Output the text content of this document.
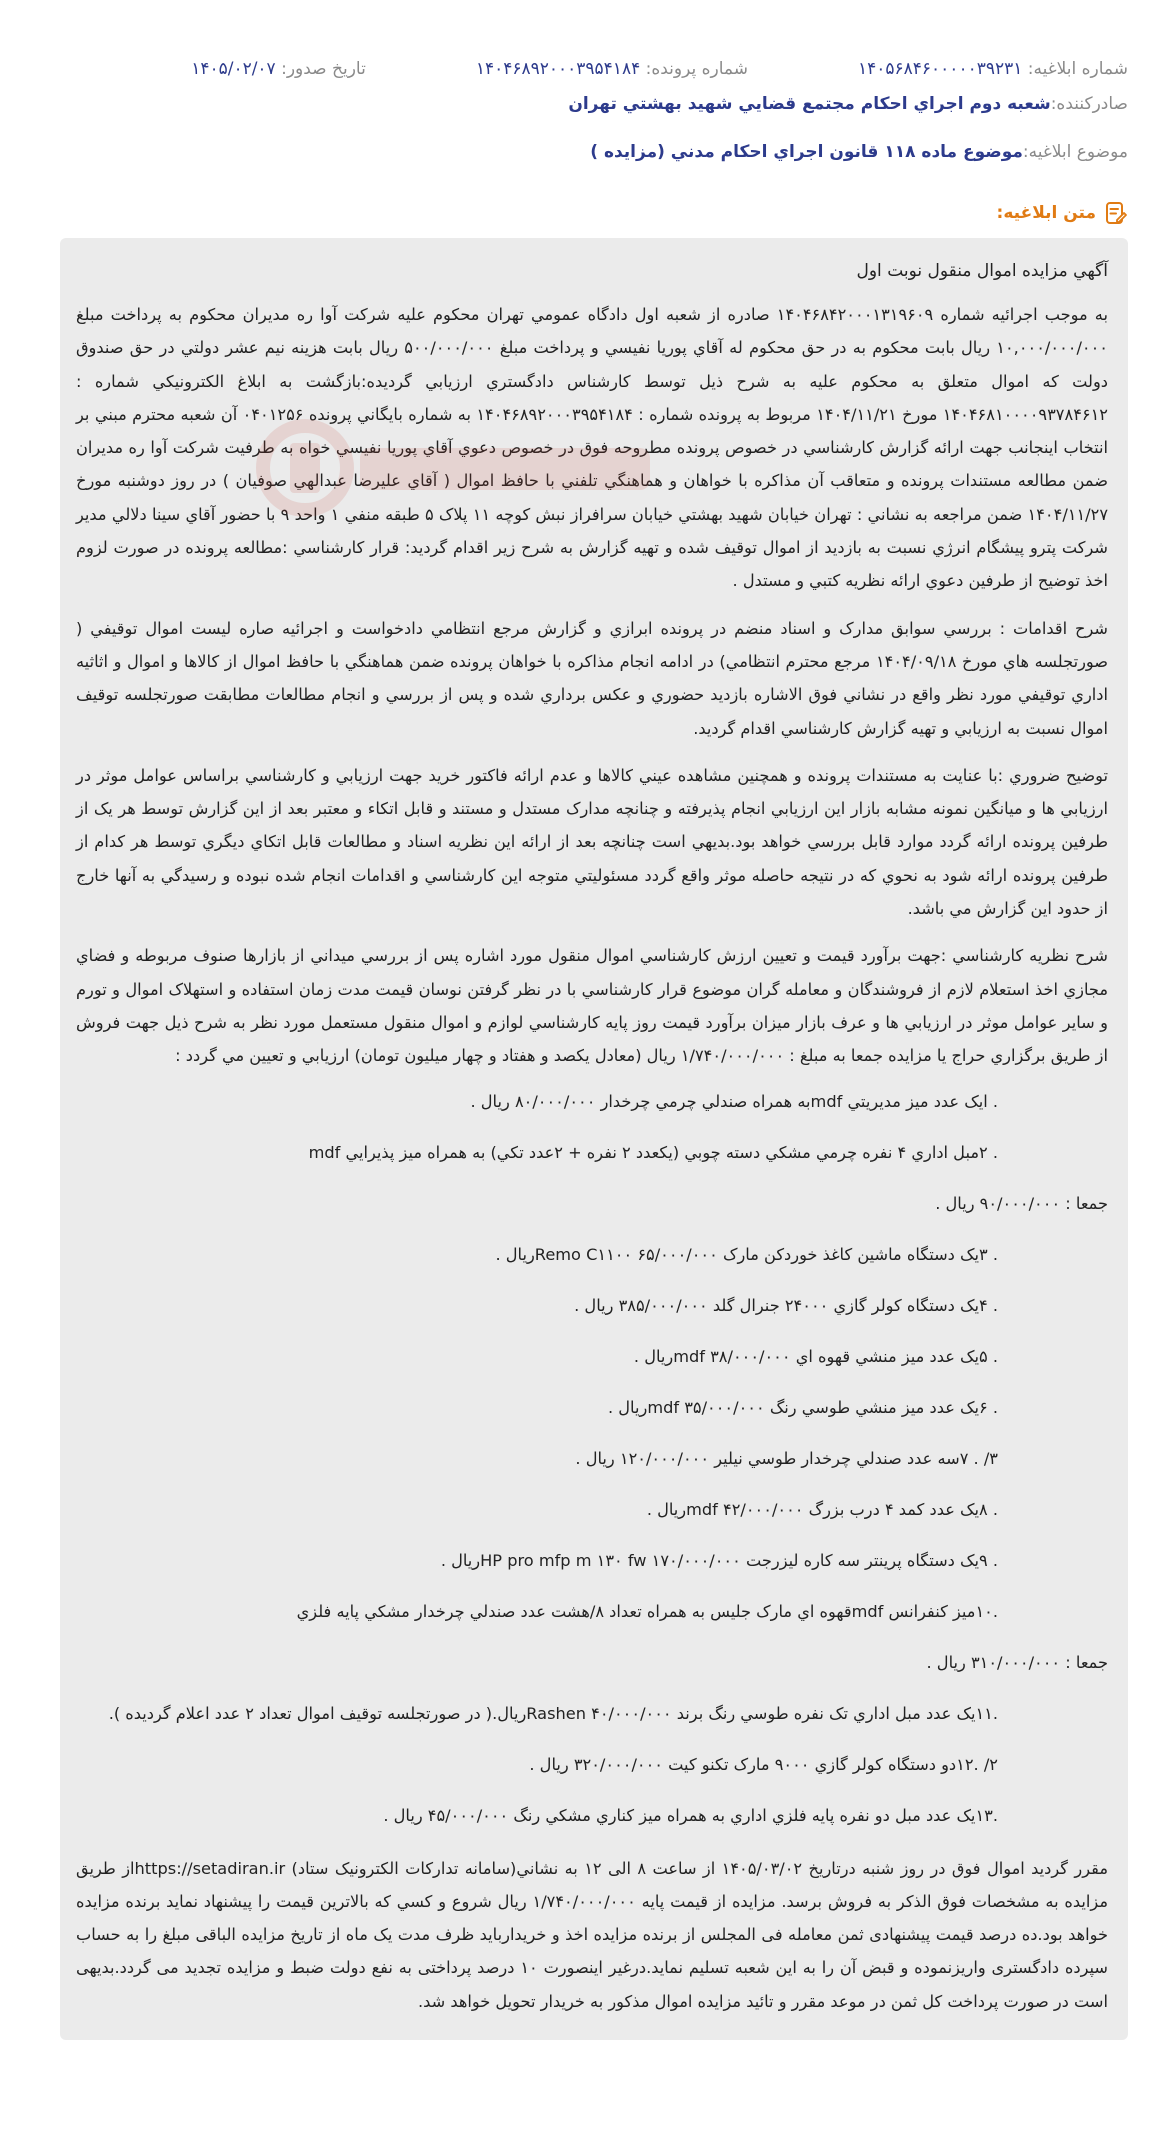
شماره ابلاغيه: ۱۴۰۵۶۸۴۶۰۰۰۰۰۳۹۲۳۱
شماره پرونده: ۱۴۰۴۶۸۹۲۰۰۰۳۹۵۴۱۸۴
تاريخ صدور: ۱۴۰۵/۰۲/۰۷
صادرکننده:
شعبه دوم اجراي احکام مجتمع قضايي شهيد بهشتي تهران
موضوع ابلاغيه:
موضوع ماده ۱۱۸ قانون اجراي احکام مدني (مزايده )
متن ابلاغيه:
آگهي مزايده اموال منقول نوبت اول

به موجب اجرائيه شماره ۱۴۰۴۶۸۴۲۰۰۰۱۳۱۹۶۰۹ صادره از شعبه اول دادگاه عمومي تهران محکوم عليه شرکت آوا ره مديران محکوم به پرداخت مبلغ ۱۰,۰۰۰/۰۰۰/۰۰۰ ريال بابت محکوم به در حق محکوم له آقاي پوريا نفيسي و پرداخت مبلغ ۵۰۰/۰۰۰/۰۰۰ ريال بابت هزينه نيم عشر دولتي در حق صندوق دولت که اموال متعلق به محکوم عليه به شرح ذيل توسط کارشناس دادگستري ارزيابي گرديده:بازگشت به ابلاغ الکترونيکي شماره : ۱۴۰۴۶۸۱۰۰۰۰۹۳۷۸۴۶۱۲ مورخ ۱۴۰۴/۱۱/۲۱ مربوط به پرونده شماره : ۱۴۰۴۶۸۹۲۰۰۰۳۹۵۴۱۸۴ به شماره بايگاني پرونده ۰۴۰۱۲۵۶ آن شعبه محترم مبني بر انتخاب اينجانب جهت ارائه گزارش کارشناسي در خصوص پرونده مطروحه فوق در خصوص دعوي آقاي پوريا نفيسي خواه به طرفيت شرکت آوا ره مديران ضمن مطالعه مستندات پرونده و متعاقب آن مذاکره با خواهان و هماهنگي تلفني با حافظ اموال ( آقاي عليرضا عبدالهي صوفيان ) در روز دوشنبه مورخ ۱۴۰۴/۱۱/۲۷ ضمن مراجعه به نشاني : تهران خيابان شهيد بهشتي خيابان سرافراز نبش کوچه ۱۱ پلاک ۵ طبقه منفي ۱ واحد ۹ با حضور آقاي سينا دلالي مدير شرکت پترو پيشگام انرژي نسبت به بازديد از اموال توقيف شده و تهيه گزارش به شرح زير اقدام گرديد: قرار کارشناسي :مطالعه پرونده در صورت لزوم اخذ توضيح از طرفين دعوي ارائه نظريه کتبي و مستدل .

شرح اقدامات : بررسي سوابق مدارک و اسناد منضم در پرونده ابرازي و گزارش مرجع انتظامي دادخواست و اجرائيه صاره ليست اموال توقيفي ( صورتجلسه هاي مورخ ۱۴۰۴/۰۹/۱۸ مرجع محترم انتظامي) در ادامه انجام مذاکره با خواهان پرونده ضمن هماهنگي با حافظ اموال از کالاها و اموال و اثاثيه اداري توقيفي مورد نظر واقع در نشاني فوق الاشاره بازديد حضوري و عکس برداري شده و پس از بررسي و انجام مطالعات مطابقت صورتجلسه توقيف اموال نسبت به ارزيابي و تهيه گزارش کارشناسي اقدام گرديد.

توضيح ضروري :با عنايت به مستندات پرونده و همچنين مشاهده عيني کالاها و عدم ارائه فاکتور خريد جهت ارزيابي و کارشناسي براساس عوامل موثر در ارزيابي ها و ميانگين نمونه مشابه بازار اين ارزيابي انجام پذيرفته و چنانچه مدارک مستدل و مستند و قابل اتکاء و معتبر بعد از اين گزارش توسط هر يک از طرفين پرونده ارائه گردد موارد قابل بررسي خواهد بود.بديهي است چنانچه بعد از ارائه اين نظريه اسناد و مطالعات قابل اتکاي ديگري توسط هر کدام از طرفين پرونده ارائه شود به نحوي که در نتيجه حاصله موثر واقع گردد مسئوليتي متوجه اين کارشناسي و اقدامات انجام شده نبوده و رسيدگي به آنها خارج از حدود اين گزارش مي باشد.

شرح نظريه کارشناسي :جهت برآورد قيمت و تعيين ارزش کارشناسي اموال منقول مورد اشاره پس از بررسي ميداني از بازارها صنوف مربوطه و فضاي مجازي اخذ استعلام لازم از فروشندگان و معامله گران موضوع قرار کارشناسي با در نظر گرفتن نوسان قيمت مدت زمان استفاده و استهلاک اموال و تورم و ساير عوامل موثر در ارزيابي ها و عرف بازار ميزان برآورد قيمت روز پايه کارشناسي لوازم و اموال منقول مستعمل مورد نظر به شرح ذيل جهت فروش از طريق برگزاري حراج يا مزايده جمعا به مبلغ : ۱/۷۴۰/۰۰۰/۰۰۰ ريال (معادل يکصد و هفتاد و چهار ميليون تومان) ارزيابي و تعيين مي گردد :

. ايک عدد ميز مديريتي mdfبه همراه صندلي چرمي چرخدار ۸۰/۰۰۰/۰۰۰ ريال .
. ۲مبل اداري ۴ نفره چرمي مشکي دسته چوبي (يکعدد ۲ نفره + ۲عدد تکي) به همراه ميز پذيرايي mdf
جمعا : ۹۰/۰۰۰/۰۰۰ ريال .
. ۳يک دستگاه ماشين کاغذ خوردکن مارک ۶۵/۰۰۰/۰۰۰ Remo C۱۱۰۰ريال .
. ۴يک دستگاه کولر گازي ۲۴۰۰۰ جنرال گلد ۳۸۵/۰۰۰/۰۰۰ ريال .
. ۵يک عدد ميز منشي قهوه اي mdf ۳۸/۰۰۰/۰۰۰ريال .
. ۶يک عدد ميز منشي طوسي رنگ mdf ۳۵/۰۰۰/۰۰۰ريال .
۳/ . ۷سه عدد صندلي چرخدار طوسي نيلير ۱۲۰/۰۰۰/۰۰۰ ريال .
. ۸يک عدد کمد ۴ درب بزرگ mdf ۴۲/۰۰۰/۰۰۰ريال .
. ۹يک دستگاه پرينتر سه کاره ليزرجت HP pro mfp m ۱۳۰ fw ۱۷۰/۰۰۰/۰۰۰ريال .
.۱۰ميز کنفرانس mdfقهوه اي مارک جليس به همراه تعداد ۸/هشت عدد صندلي چرخدار مشکي پايه فلزي
جمعا : ۳۱۰/۰۰۰/۰۰۰ ريال .
.۱۱يک عدد مبل اداري تک نفره طوسي رنگ برند Rashen ۴۰/۰۰۰/۰۰۰ريال.( در صورتجلسه توقيف اموال تعداد ۲ عدد اعلام گرديده ).
۲/ .۱۲دو دستگاه کولر گازي ۹۰۰۰ مارک تکنو کيت ۳۲۰/۰۰۰/۰۰۰ ريال .
.۱۳يک عدد مبل دو نفره پايه فلزي اداري به همراه ميز کناري مشکي رنگ ۴۵/۰۰۰/۰۰۰ ريال .

مقرر گرديد اموال فوق در روز شنبه درتاريخ ۱۴۰۵/۰۳/۰۲ از ساعت ۸ الی ۱۲ به نشاني(سامانه تداركات الكترونيک ستاد) https://setadiran.irاز طريق مزايده به مشخصات فوق الذکر به فروش برسد. مزايده از قيمت پايه ۱/۷۴۰/۰۰۰/۰۰۰ ريال شروع و کسي که بالاترين قيمت را پيشنهاد نمايد برنده مزايده خواهد بود.ده درصد قيمت پيشنهادی ثمن معامله فی المجلس از برنده مزايده اخذ و خريداربايد ظرف مدت يک ماه از تاريخ مزايده الباقی مبلغ را به حساب سپرده دادگستری واريزنموده و قبض آن را به اين شعبه تسليم نمايد.درغير اينصورت ۱۰ درصد پرداختی به نفع دولت ضبط و مزايده تجديد می گردد.بديهی است در صورت پرداخت کل ثمن در موعد مقرر و تائيد مزايده اموال مذکور به خريدار تحويل خواهد شد.
